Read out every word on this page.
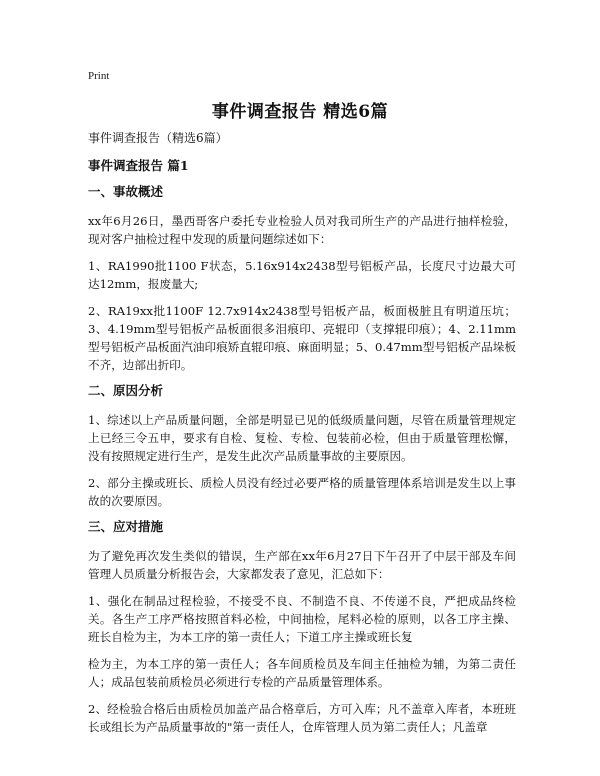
Print
事件调查报告 精选6篇
事件调查报告（精选6篇）
事件调查报告 篇1
一、事故概述

xx年6月26日，墨西哥客户委托专业检验人员对我司所生产的产品进行抽样检验，现对客户抽检过程中发现的质量问题综述如下：

1、RA1990批1100 F状态，5.16x914x2438型号铝板产品，长度尺寸边最大可达12mm，报废量大;

2、RA19xx批1100F 12.7x914x2438型号铝板产品，板面极脏且有明道压坑；3、4.19mm型号铝板产品板面很多泪痕印、亮辊印（支撑辊印痕）；4、2.11mm型号铝板产品板面汽油印痕矫直辊印痕、麻面明显；5、0.47mm型号铝板产品垛板不齐，边部出折印。

二、原因分析

1、综述以上产品质量问题，全部是明显已见的低级质量问题，尽管在质量管理规定上已经三令五申，要求有自检、复检、专检、包装前必检，但由于质量管理松懈，没有按照规定进行生产，是发生此次产品质量事故的主要原因。

2、部分主操或班长、质检人员没有经过必要严格的质量管理体系培训是发生以上事故的次要原因。

三、应对措施

为了避免再次发生类似的错误，生产部在xx年6月27日下午召开了中层干部及车间管理人员质量分析报告会，大家都发表了意见，汇总如下：

1、强化在制品过程检验，不接受不良、不制造不良、不传递不良，严把成品终检关。各生产工序严格按照首料必检，中间抽检，尾料必检的原则，以各工序主操、班长自检为主，为本工序的第一责任人；下道工序主操或班长复

检为主，为本工序的第一责任人；各车间质检员及车间主任抽检为辅，为第二责任人；成品包装前质检员必须进行专检的产品质量管理体系。

2、经检验合格后由质检员加盖产品合格章后，方可入库；凡不盖章入库者，本班班长或组长为产品质量事故的"第一责任人，仓库管理人员为第二责任人；凡盖章
